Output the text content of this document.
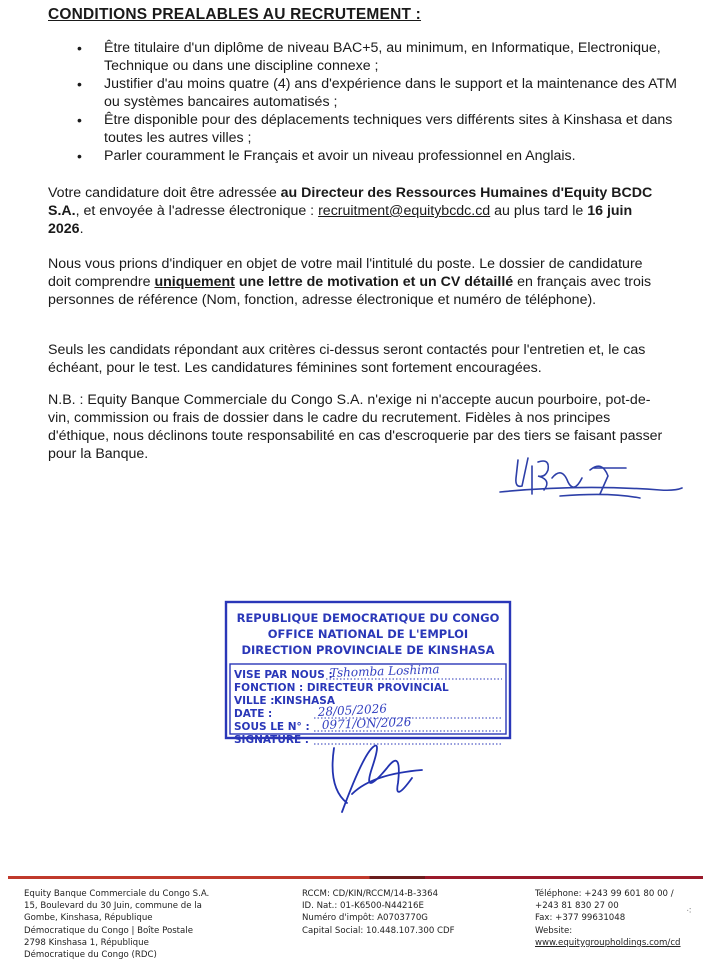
CONDITIONS PREALABLES AU RECRUTEMENT :
• Être titulaire d'un diplôme de niveau BAC+5, au minimum, en Informatique, Electronique, Technique ou dans une discipline connexe ;
• Justifier d'au moins quatre (4) ans d'expérience dans le support et la maintenance des ATM ou systèmes bancaires automatisés ;
• Être disponible pour des déplacements techniques vers différents sites à Kinshasa et dans toutes les autres villes ;
• Parler couramment le Français et avoir un niveau professionnel en Anglais.

Votre candidature doit être adressée au Directeur des Ressources Humaines d'Equity BCDC S.A., et envoyée à l'adresse électronique : recruitment@equitybcdc.cd au plus tard le 16 juin 2026.

Nous vous prions d'indiquer en objet de votre mail l'intitulé du poste. Le dossier de candidature doit comprendre uniquement une lettre de motivation et un CV détaillé en français avec trois personnes de référence (Nom, fonction, adresse électronique et numéro de téléphone).

Seuls les candidats répondant aux critères ci-dessus seront contactés pour l'entretien et, le cas échéant, pour le test. Les candidatures féminines sont fortement encouragées.

N.B. : Equity Banque Commerciale du Congo S.A. n'exige ni n'accepte aucun pourboire, pot-de-vin, commission ou frais de dossier dans le cadre du recrutement. Fidèles à nos principes d'éthique, nous déclinons toute responsabilité en cas d'escroquerie par des tiers se faisant passer pour la Banque.

REPUBLIQUE DEMOCRATIQUE DU CONGO
OFFICE NATIONAL DE L'EMPLOI
DIRECTION PROVINCIALE DE KINSHASA
VISE PAR NOUS :
FONCTION : DIRECTEUR PROVINCIAL
VILLE : KINSHASA
DATE :
SOUS LE N° :
SIGNATURE :
Tshomba Loshima
28/05/2026
0971/ON/2026
Equity Banque Commerciale du Congo S.A.
15, Boulevard du 30 Juin, commune de la
Gombe, Kinshasa, République
Démocratique du Congo | Boîte Postale
2798 Kinshasa 1, République
Démocratique du Congo (RDC)
RCCM: CD/KIN/RCCM/14-B-3364
ID. Nat.: 01-K6500-N44216E
Numéro d'impôt: A0703770G
Capital Social: 10.448.107.300 CDF
Téléphone: +243 99 601 80 00 /
+243 81 830 27 00
Fax: +377 99631048
Website:
www.equitygroupholdings.com/cd
⁖
